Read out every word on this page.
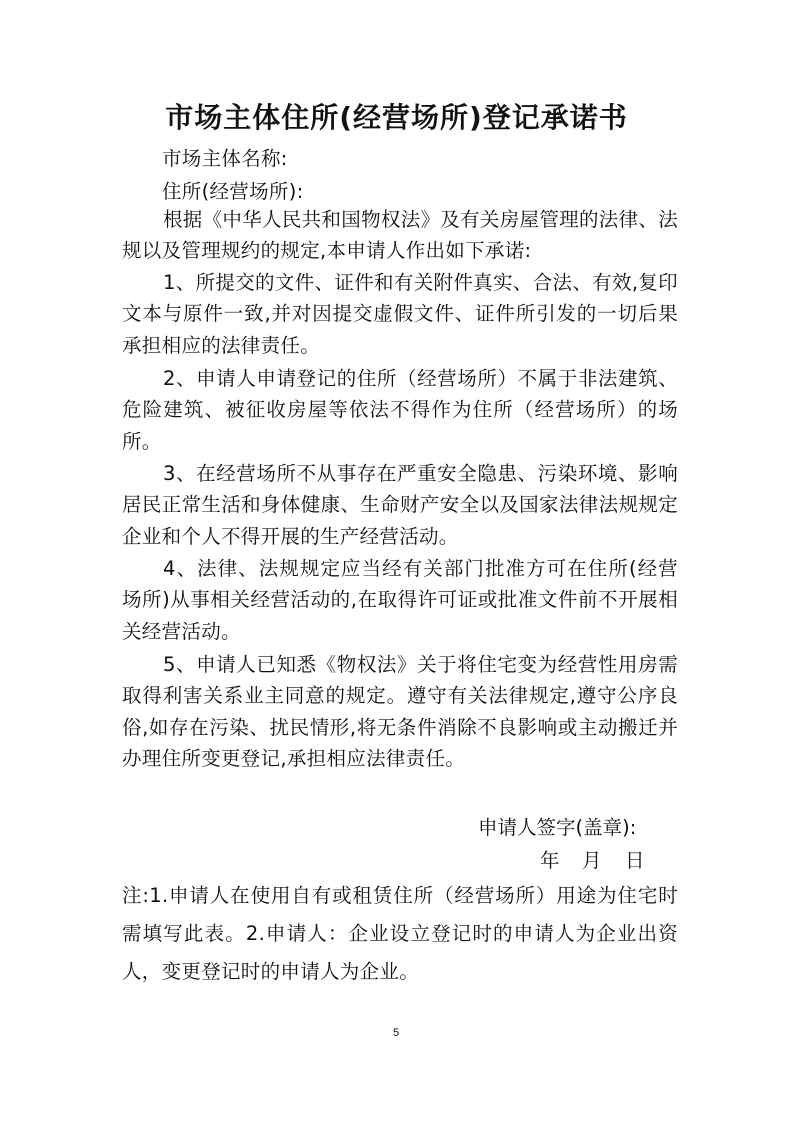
市场主体住所(经营场所)登记承诺书
市场主体名称:
住所(经营场所):
根据《中华人民共和国物权法》及有关房屋管理的法律、法规以及管理规约的规定,本申请人作出如下承诺:
1、所提交的文件、证件和有关附件真实、合法、有效,复印文本与原件一致,并对因提交虚假文件、证件所引发的一切后果承担相应的法律责任。
2、申请人申请登记的住所（经营场所）不属于非法建筑、危险建筑、被征收房屋等依法不得作为住所（经营场所）的场所。
3、在经营场所不从事存在严重安全隐患、污染环境、影响居民正常生活和身体健康、生命财产安全以及国家法律法规规定企业和个人不得开展的生产经营活动。
4、法律、法规规定应当经有关部门批准方可在住所(经营场所)从事相关经营活动的,在取得许可证或批准文件前不开展相关经营活动。
5、申请人已知悉《物权法》关于将住宅变为经营性用房需取得利害关系业主同意的规定。遵守有关法律规定,遵守公序良俗,如存在污染、扰民情形,将无条件消除不良影响或主动搬迁并办理住所变更登记,承担相应法律责任。
申请人签字(盖章):
年 月 日
注:1.申请人在使用自有或租赁住所（经营场所）用途为住宅时需填写此表。2.申请人：企业设立登记时的申请人为企业出资人，变更登记时的申请人为企业。
5
